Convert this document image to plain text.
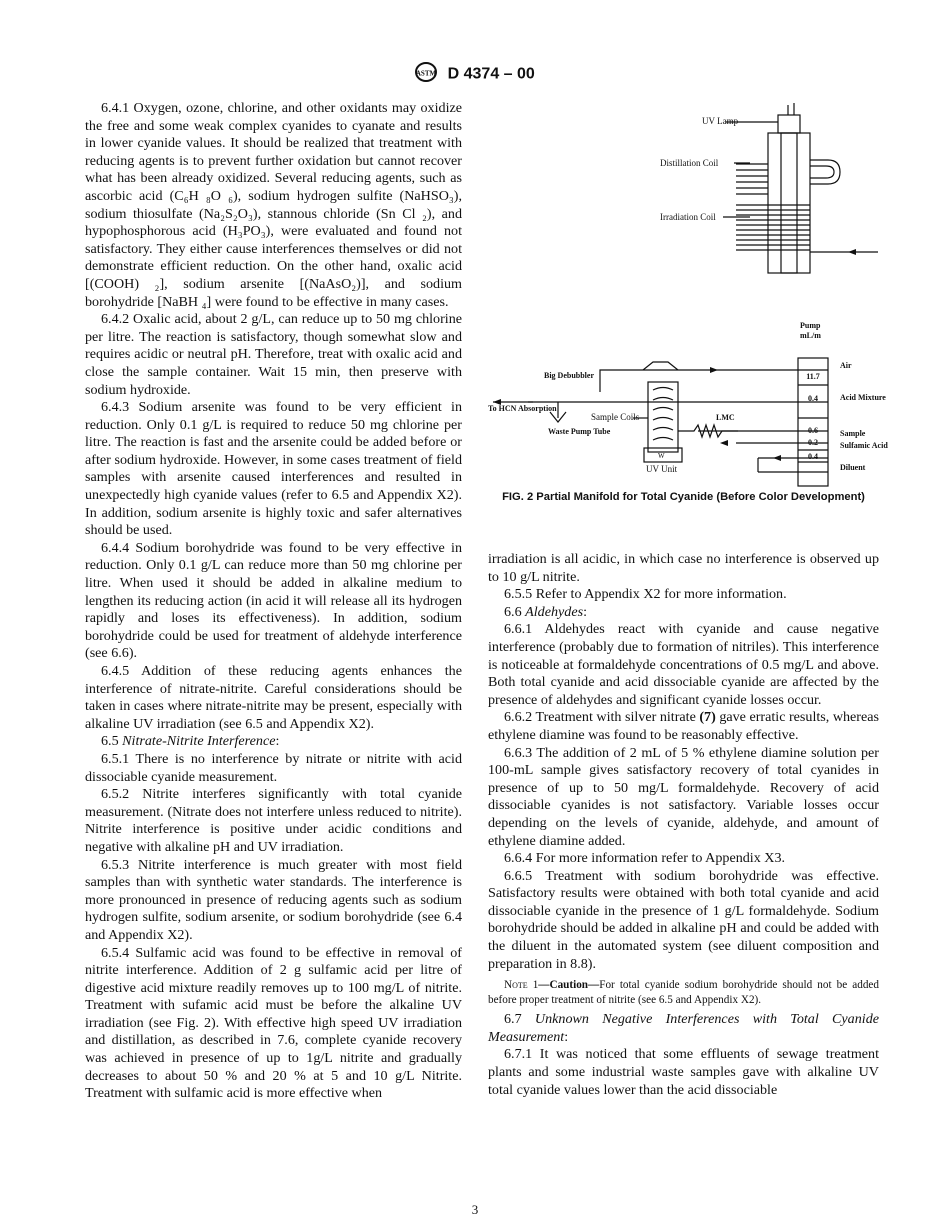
ASTM D 4374 – 00

6.4.1 Oxygen, ozone, chlorine, and other oxidants may oxidize the free and some weak complex cyanides to cyanate and results in lower cyanide values. It should be realized that treatment with reducing agents is to prevent further oxidation but cannot recover what has been already oxidized. Several reducing agents, such as ascorbic acid (C₆H ₈O ₆), sodium hydrogen sulfite (NaHSO₃), sodium thiosulfate (Na₂S₂O₃), stannous chloride (Sn Cl ₂), and hypophosphorous acid (H₃PO₃), were evaluated and found not satisfactory. They either cause interferences themselves or did not demonstrate efficient reduction. On the other hand, oxalic acid [(COOH) ₂], sodium arsenite [(NaAsO₂)], and sodium borohydride [NaBH ₄] were found to be effective in many cases.

6.4.2 Oxalic acid, about 2 g/L, can reduce up to 50 mg chlorine per litre. The reaction is satisfactory, though somewhat slow and requires acidic or neutral pH. Therefore, treat with oxalic acid and close the sample container. Wait 15 min, then preserve with sodium hydroxide.

6.4.3 Sodium arsenite was found to be very efficient in reduction. Only 0.1 g/L is required to reduce 50 mg chlorine per litre. The reaction is fast and the arsenite could be added before or after sodium hydroxide. However, in some cases treatment of field samples with arsenite caused interferences and resulted in unexpectedly high cyanide values (refer to 6.5 and Appendix X2). In addition, sodium arsenite is highly toxic and safer alternatives should be used.

6.4.4 Sodium borohydride was found to be very effective in reduction. Only 0.1 g/L can reduce more than 50 mg chlorine per litre. When used it should be added in alkaline medium to lengthen its reducing action (in acid it will release all its hydrogen rapidly and loses its effectiveness). In addition, sodium borohydride could be used for treatment of aldehyde interference (see 6.6).

6.4.5 Addition of these reducing agents enhances the interference of nitrate-nitrite. Careful considerations should be taken in cases where nitrate-nitrite may be present, especially with alkaline UV irradiation (see 6.5 and Appendix X2).

6.5 Nitrate-Nitrite Interference:

6.5.1 There is no interference by nitrate or nitrite with acid dissociable cyanide measurement.

6.5.2 Nitrite interferes significantly with total cyanide measurement. (Nitrate does not interfere unless reduced to nitrite). Nitrite interference is positive under acidic conditions and negative with alkaline pH and UV irradiation.

6.5.3 Nitrite interference is much greater with most field samples than with synthetic water standards. The interference is more pronounced in presence of reducing agents such as sodium hydrogen sulfite, sodium arsenite, or sodium borohydride (see 6.4 and Appendix X2).

6.5.4 Sulfamic acid was found to be effective in removal of nitrite interference. Addition of 2 g sulfamic acid per litre of digestive acid mixture readily removes up to 100 mg/L of nitrite. Treatment with sufamic acid must be before the alkaline UV irradiation (see Fig. 2). With effective high speed UV irradiation and distillation, as described in 7.6, complete cyanide recovery was achieved in presence of up to 1g/L nitrite and gradually decreases to about 50 % and 20 % at 5 and 10 g/L Nitrite. Treatment with sulfamic acid is more effective when

UV Lamp
Distillation Coil
Irradiation Coil
Pump
mL/m
Big Debubbler
To HCN Absorption
Waste Pump Tube
Sample Coils	LMC
UV Unit
W
Air
Acid Mixture
Sample
Sulfamic Acid
Diluent
11.7
0.4
0.6
0.2
0.4
FIG. 2 Partial Manifold for Total Cyanide (Before Color Development)

irradiation is all acidic, in which case no interference is observed up to 10 g/L nitrite.

6.5.5 Refer to Appendix X2 for more information.

6.6 Aldehydes:

6.6.1 Aldehydes react with cyanide and cause negative interference (probably due to formation of nitriles). This interference is noticeable at formaldehyde concentrations of 0.5 mg/L and above. Both total cyanide and acid dissociable cyanide are affected by the presence of aldehydes and significant cyanide losses occur.

6.6.2 Treatment with silver nitrate (7) gave erratic results, whereas ethylene diamine was found to be reasonably effective.

6.6.3 The addition of 2 mL of 5 % ethylene diamine solution per 100-mL sample gives satisfactory recovery of total cyanides in presence of up to 50 mg/L formaldehyde. Recovery of acid dissociable cyanides is not satisfactory. Variable losses occur depending on the levels of cyanide, aldehyde, and amount of ethylene diamine added.

6.6.4 For more information refer to Appendix X3.

6.6.5 Treatment with sodium borohydride was effective. Satisfactory results were obtained with both total cyanide and acid dissociable cyanide in the presence of 1 g/L formaldehyde. Sodium borohydride should be added in alkaline pH and could be added with the diluent in the automated system (see diluent composition and preparation in 8.8).

Note 1—Caution—For total cyanide sodium borohydride should not be added before proper treatment of nitrite (see 6.5 and Appendix X2).

6.7 Unknown Negative Interferences with Total Cyanide Measurement:

6.7.1 It was noticed that some effluents of sewage treatment plants and some industrial waste samples gave with alkaline UV total cyanide values lower than the acid dissociable

3
